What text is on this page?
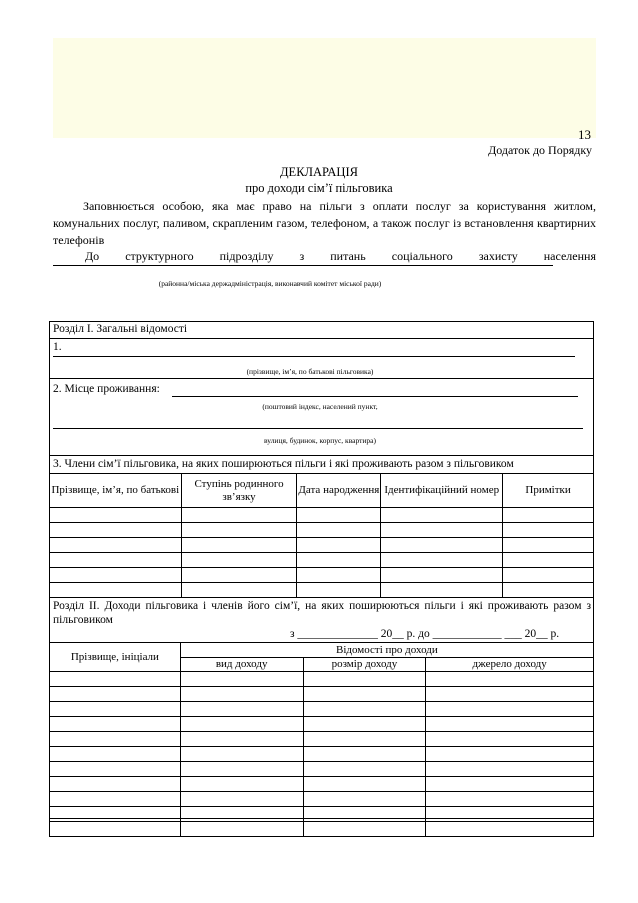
13
Додаток до Порядку
ДЕКЛАРАЦІЯ
про доходи сім’ї пільговика
Заповнюється особою, яка має право на пільги з оплати послуг за користування житлом, комунальних послуг, паливом, скрапленим газом, телефоном, а також послуг із встановлення квартирних телефонів
До структурного підрозділу з питань соціального захисту населення
(районна/міська держадміністрація, виконавчий комітет міської ради)
Розділ І. Загальні відомості
1.
(прізвище, ім’я, по батькові пільговика)
2. Місце проживання:
(поштовий індекс, населений пункт,
вулиця, будинок, корпус, квартира)
3. Члени сім’ї пільговика, на яких поширюються пільги і які проживають разом з пільговиком
Прізвище, ім’я, по батькові	Ступінь родинного зв’язку	Дата народження	Ідентифікаційний номер	Примітки

Розділ ІІ. Доходи пільговика і членів його сім’ї, на яких поширюються пільги і які проживають разом з пільговиком
з ______________ 20__ р. до ____________ ___ 20__ р.
Прізвище, ініціали	Відомості про доходи		
	вид доходу	розмір доходу	джерело доходу
